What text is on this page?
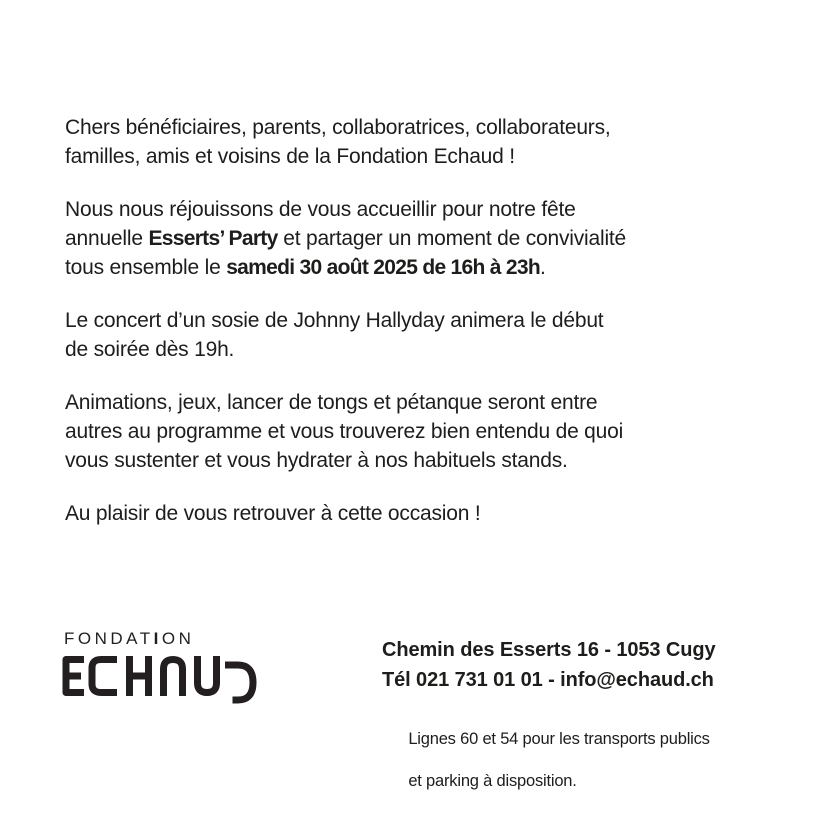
Chers bénéficiaires, parents, collaboratrices, collaborateurs,
familles, amis et voisins de la Fondation Echaud !

Nous nous réjouissons de vous accueillir pour notre fête
annuelle Esserts’ Party et partager un moment de convivialité
tous ensemble le samedi 30 août 2025 de 16h à 23h.

Le concert d’un sosie de Johnny Hallyday animera le début
de soirée dès 19h.

Animations, jeux, lancer de tongs et pétanque seront entre
autres au programme et vous trouverez bien entendu de quoi
vous sustenter et vous hydrater à nos habituels stands.

Au plaisir de vous retrouver à cette occasion !

FONDATION
Chemin des Esserts 16 - 1053 Cugy
Tél 021 731 01 01 - info@echaud.ch

Lignes 60 et 54 pour les transports publics

et parking à disposition.
